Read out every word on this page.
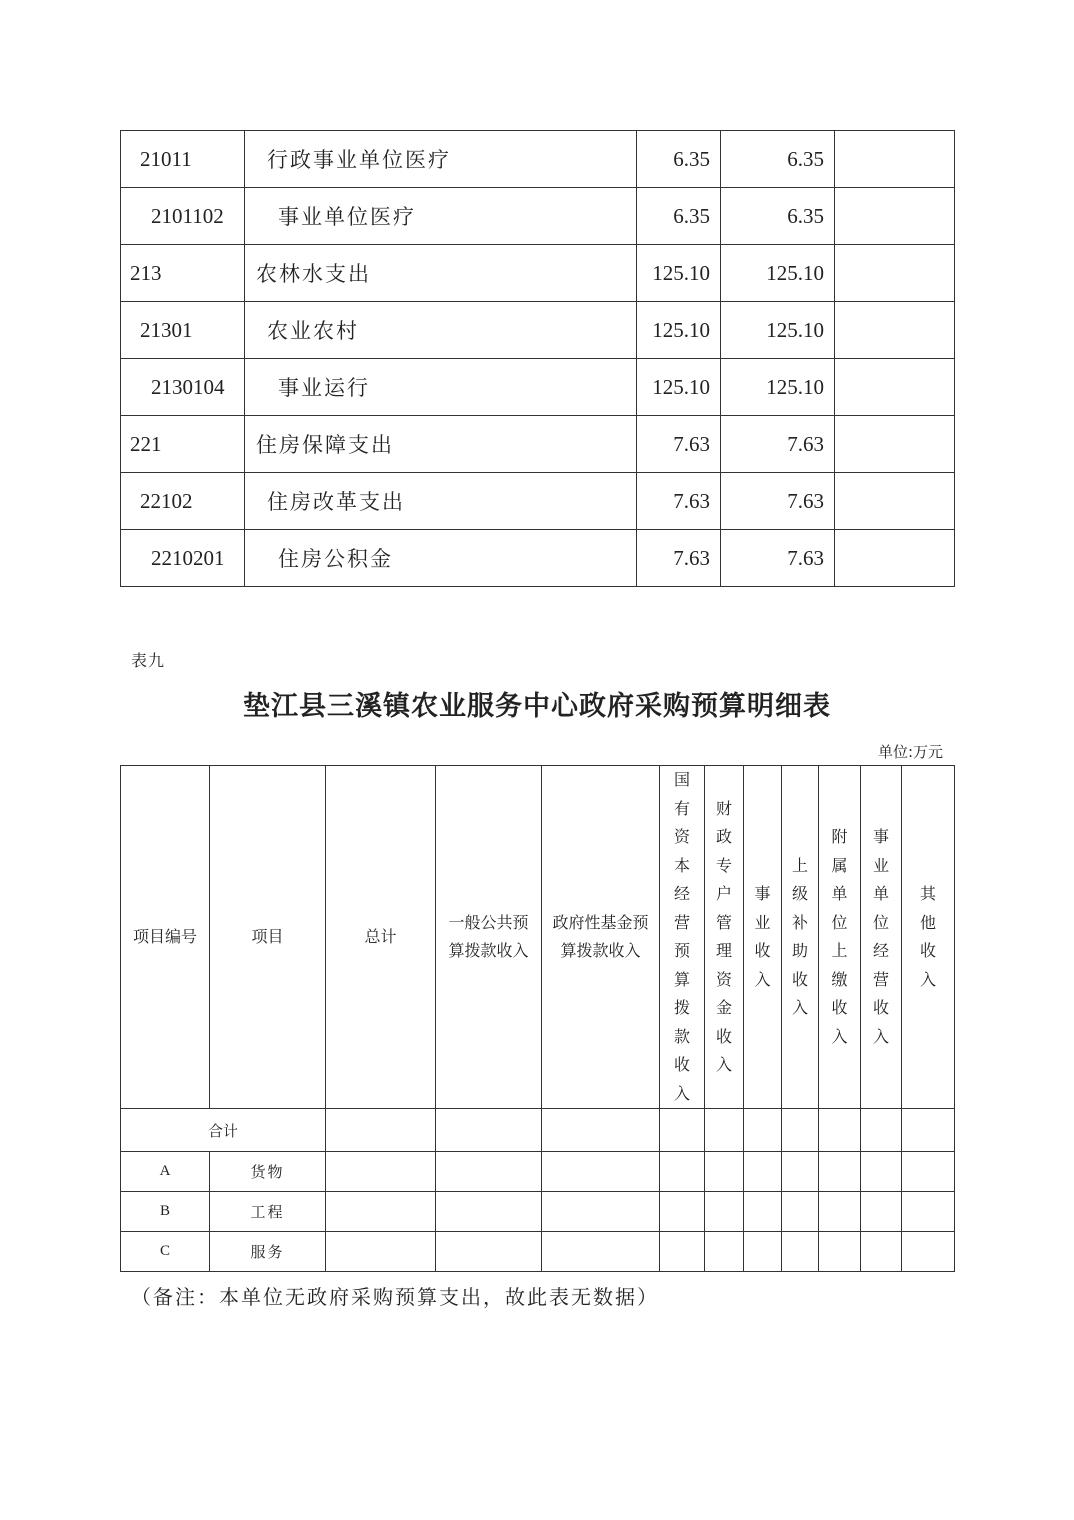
21011	行政事业单位医疗	6.35	6.35	
2101102	事业单位医疗	6.35	6.35	
213	农林水支出	125.10	125.10	
21301	农业农村	125.10	125.10	
2130104	事业运行	125.10	125.10	
221	住房保障支出	7.63	7.63	
22102	住房改革支出	7.63	7.63	
2210201	住房公积金	7.63	7.63	
表九
垫江县三溪镇农业服务中心政府采购预算明细表
单位:万元
项目编号	项目	总计	一般公共预算拨款收入	政府性基金预算拨款收入	国有资本经营预算拨款收入	财政专户管理资金收入	事业收入	上级补助收入	附属单位上缴收入	事业单位经营收入	其他收入
合计											
A	货物										
B	工程										
C	服务										
（备注：本单位无政府采购预算支出，故此表无数据）
